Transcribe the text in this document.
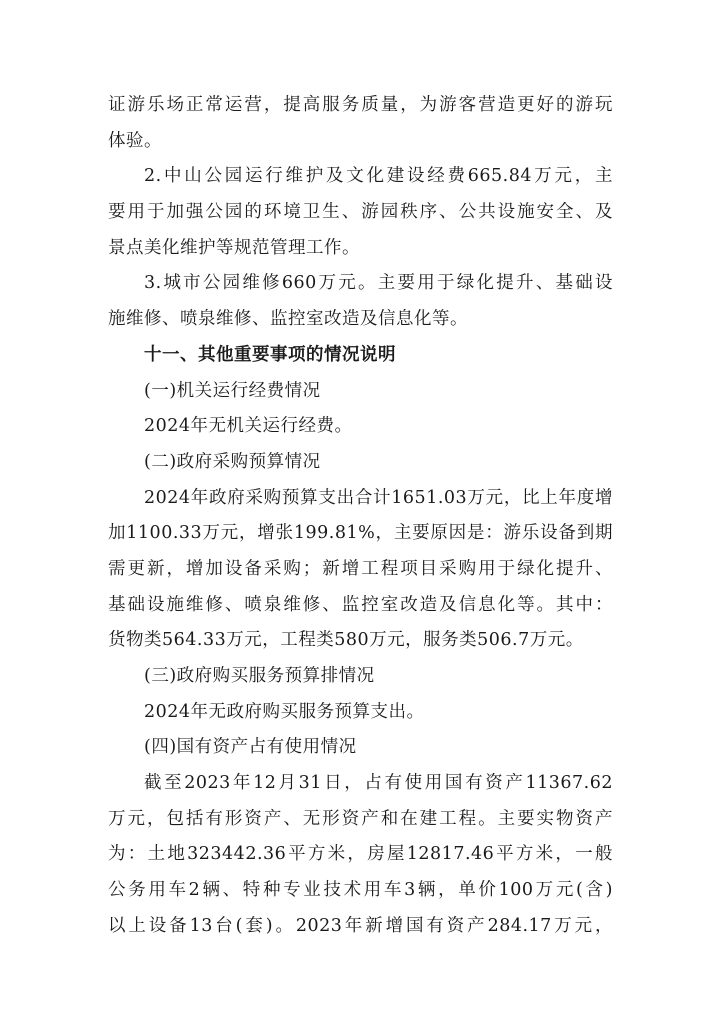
证游乐场正常运营，提高服务质量，为游客营造更好的游玩
体验。
2.中山公园运行维护及文化建设经费665.84万元，主
要用于加强公园的环境卫生、游园秩序、公共设施安全、及
景点美化维护等规范管理工作。
3.城市公园维修660万元。主要用于绿化提升、基础设
施维修、喷泉维修、监控室改造及信息化等。
十一、其他重要事项的情况说明
(一)机关运行经费情况
2024年无机关运行经费。
(二)政府采购预算情况
2024年政府采购预算支出合计1651.03万元，比上年度增
加1100.33万元，增张199.81%，主要原因是：游乐设备到期
需更新，增加设备采购；新增工程项目采购用于绿化提升、
基础设施维修、喷泉维修、监控室改造及信息化等。其中：
货物类564.33万元，工程类580万元，服务类506.7万元。
(三)政府购买服务预算排情况
2024年无政府购买服务预算支出。
(四)国有资产占有使用情况
截至2023年12月31日，占有使用国有资产11367.62
万元，包括有形资产、无形资产和在建工程。主要实物资产
为：土地323442.36平方米，房屋12817.46平方米，一般
公务用车2辆、特种专业技术用车3辆，单价100万元(含)
以上设备13台(套)。2023年新增国有资产284.17万元，
